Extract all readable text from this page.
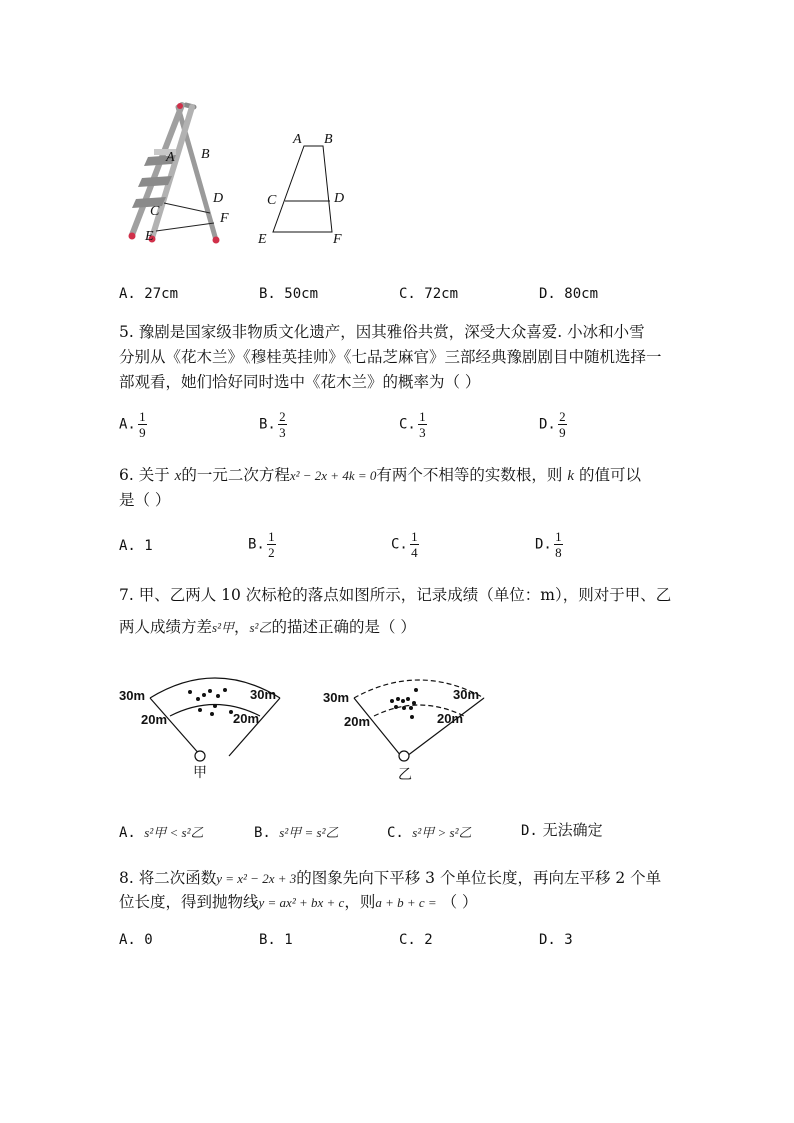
A B
C
D
E
F
A B
C	D
E	F
A. 27cm	B. 50cm	C. 72cm	D. 80cm
5. 豫剧是国家级非物质文化遗产，因其雅俗共赏，深受大众喜爱. 小冰和小雪
分别从《花木兰》《穆桂英挂帅》《七品芝麻官》三部经典豫剧剧目中随机选择一
部观看，她们恰好同时选中《花木兰》的概率为（ ）
A. $\frac{1}{9}$	B. $\frac{2}{3}$	C. $\frac{1}{3}$	D. $\frac{2}{9}$
6. 关于 x的一元二次方程x² − 2x + 4k = 0有两个不相等的实数根，则 k 的值可以
是（ ）
A. 1	B. $\frac{1}{2}$	C. $\frac{1}{4}$	D. $\frac{1}{8}$
7. 甲、乙两人 10 次标枪的落点如图所示，记录成绩（单位：m），则对于甲、乙
两人成绩方差s²甲，s²乙的描述正确的是（ ）
30m	30m
20m	20m
甲
30m	30m
20m	20m
乙
A. s²甲 < s²乙	B. s²甲 = s²乙	C. s²甲 > s²乙	D. 无法确定
8. 将二次函数y = x² − 2x + 3的图象先向下平移 3 个单位长度，再向左平移 2 个单
位长度，得到抛物线y = ax² + bx + c，则a + b + c = （ ）
A. 0	B. 1	C. 2	D. 3
